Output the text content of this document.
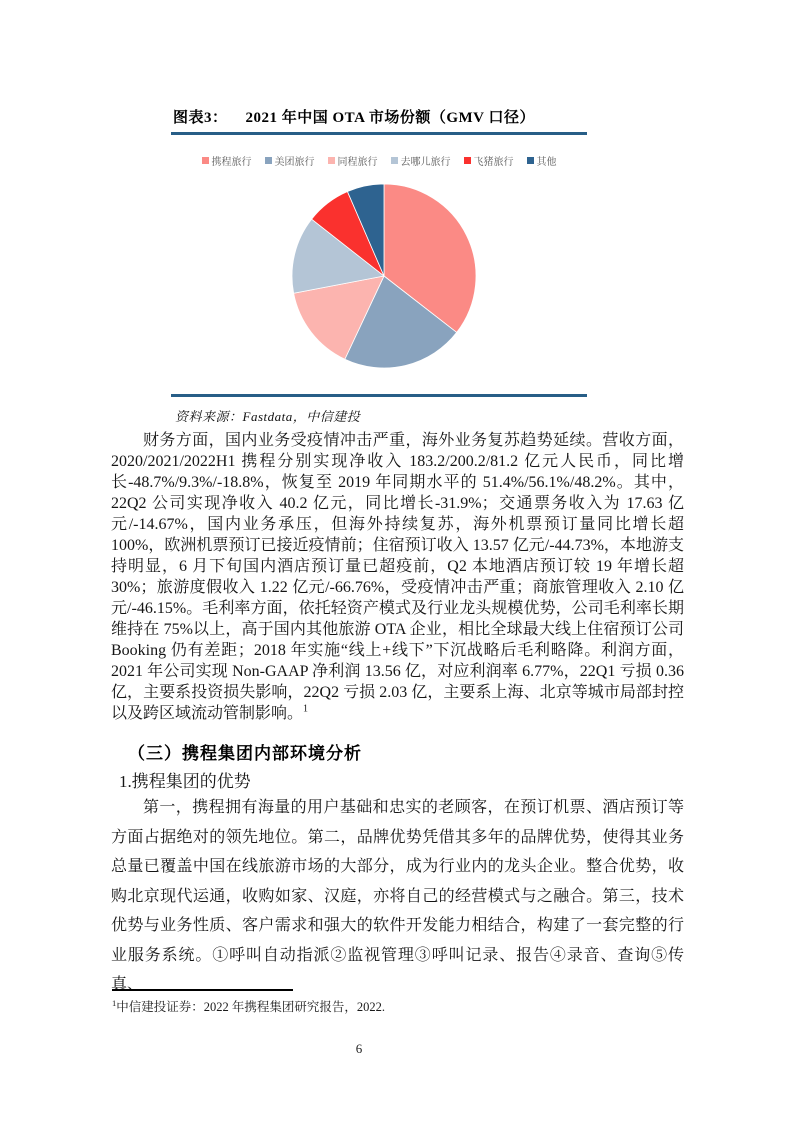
图表3： 2021 年中国 OTA 市场份额（GMV 口径）
携程旅行 美团旅行 同程旅行 去哪儿旅行 飞猪旅行 其他
资料来源：Fastdata，中信建投

财务方面，国内业务受疫情冲击严重，海外业务复苏趋势延续。营收方面，2020/2021/2022H1 携程分别实现净收入 183.2/200.2/81.2 亿元人民币，同比增长-48.7%/9.3%/-18.8%，恢复至 2019 年同期水平的 51.4%/56.1%/48.2%。其中，22Q2 公司实现净收入 40.2 亿元，同比增长-31.9%；交通票务收入为 17.63 亿元/-14.67%，国内业务承压，但海外持续复苏，海外机票预订量同比增长超 100%，欧洲机票预订已接近疫情前；住宿预订收入 13.57 亿元/-44.73%，本地游支持明显，6 月下旬国内酒店预订量已超疫前，Q2 本地酒店预订较 19 年增长超 30%；旅游度假收入 1.22 亿元/-66.76%，受疫情冲击严重；商旅管理收入 2.10 亿元/-46.15%。毛利率方面，依托轻资产模式及行业龙头规模优势，公司毛利率长期维持在 75%以上，高于国内其他旅游 OTA 企业，相比全球最大线上住宿预订公司 Booking 仍有差距；2018 年实施“线上+线下”下沉战略后毛利略降。利润方面，2021 年公司实现 Non-GAAP 净利润 13.56 亿，对应利润率 6.77%，22Q1 亏损 0.36 亿，主要系投资损失影响，22Q2 亏损 2.03 亿，主要系上海、北京等城市局部封控以及跨区域流动管制影响。$^1$

（三）携程集团内部环境分析
1.携程集团的优势

第一，携程拥有海量的用户基础和忠实的老顾客，在预订机票、酒店预订等方面占据绝对的领先地位。第二，品牌优势凭借其多年的品牌优势，使得其业务总量已覆盖中国在线旅游市场的大部分，成为行业内的龙头企业。整合优势，收购北京现代运通，收购如家、汉庭，亦将自己的经营模式与之融合。第三，技术优势与业务性质、客户需求和强大的软件开发能力相结合，构建了一套完整的行业服务系统。①呼叫自动指派②监视管理③呼叫记录、报告④录音、查询⑤传真、

$^1$中信建投证券：2022 年携程集团研究报告，2022.
6
